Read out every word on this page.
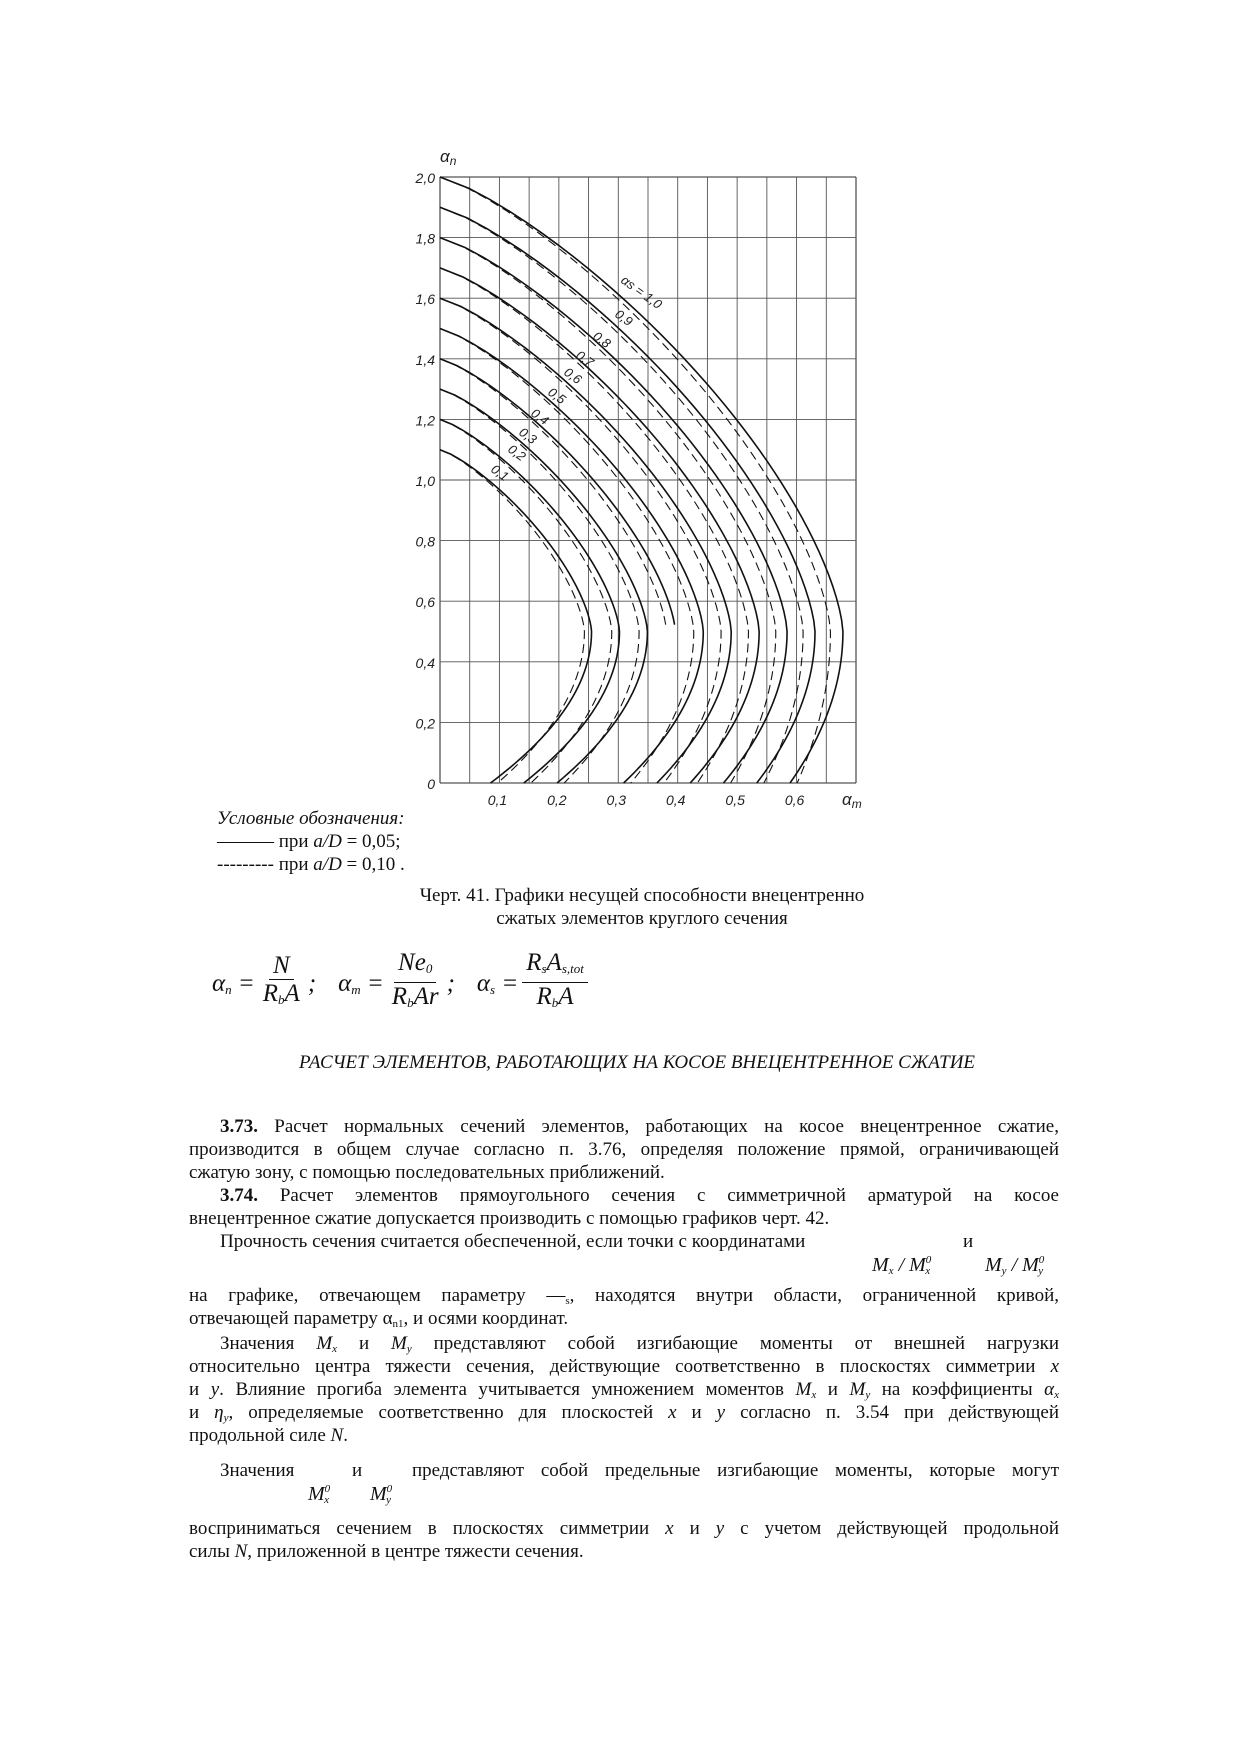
0
0,2
0,4
0,6
0,8
1,0
1,2
1,4
1,6
1,8
2,0
0,1	0,2	0,3	0,4	0,5	0,6
αs = 1,0
0,9
0,8
0,7
0,6
0,5
0,4
0,3
0,2
0,1
αn
αm
Условные обозначения:
——— при a/D = 0,05;
--------- при a/D = 0,10 .
Черт. 41. Графики несущей способности внецентренно
сжатых элементов круглого сечения
$\alpha_n = \frac{N}{R_bA}$ ; $\alpha_m = \frac{Ne_0}{R_bAr}$ ; $\alpha_s = \frac{R_sA_{s,tot}}{R_bA}$
РАСЧЕТ ЭЛЕМЕНТОВ, РАБОТАЮЩИХ НА КОСОЕ ВНЕЦЕНТРЕННОЕ СЖАТИЕ
3.73. Расчет нормальных сечений элементов, работающих на косое внецентренное сжатие,
производится в общем случае согласно п. 3.76, определяя положение прямой, ограничивающей
сжатую зону, с помощью последовательных приближений.
3.74. Расчет элементов прямоугольного сечения с симметричной арматурой на косое
внецентренное сжатие допускается производить с помощью графиков черт. 42.
Прочность сечения считается обеспеченной, если точки с координатами	и
$M_x / M^0_x$	$M_y / M^0_y$
на графике, отвечающем параметру $—_s$, находятся внутри области, ограниченной кривой,
отвечающей параметру $\alpha_{n1}$, и осями координат.
Значения $M_x$ и $M_y$ представляют собой изгибающие моменты от внешней нагрузки
относительно центра тяжести сечения, действующие соответственно в плоскостях симметрии x
и y. Влияние прогиба элемента учитывается умножением моментов $M_x$ и $M_y$ на коэффициенты $\alpha_x$
и $\eta_y$, определяемые соответственно для плоскостей x и y согласно п. 3.54 при действующей
продольной силе N.
Значения	и	представляют собой предельные изгибающие моменты, которые могут
$M^0_x$ $M^0_y$
восприниматься сечением в плоскостях симметрии x и y с учетом действующей продольной
силы N, приложенной в центре тяжести сечения.
